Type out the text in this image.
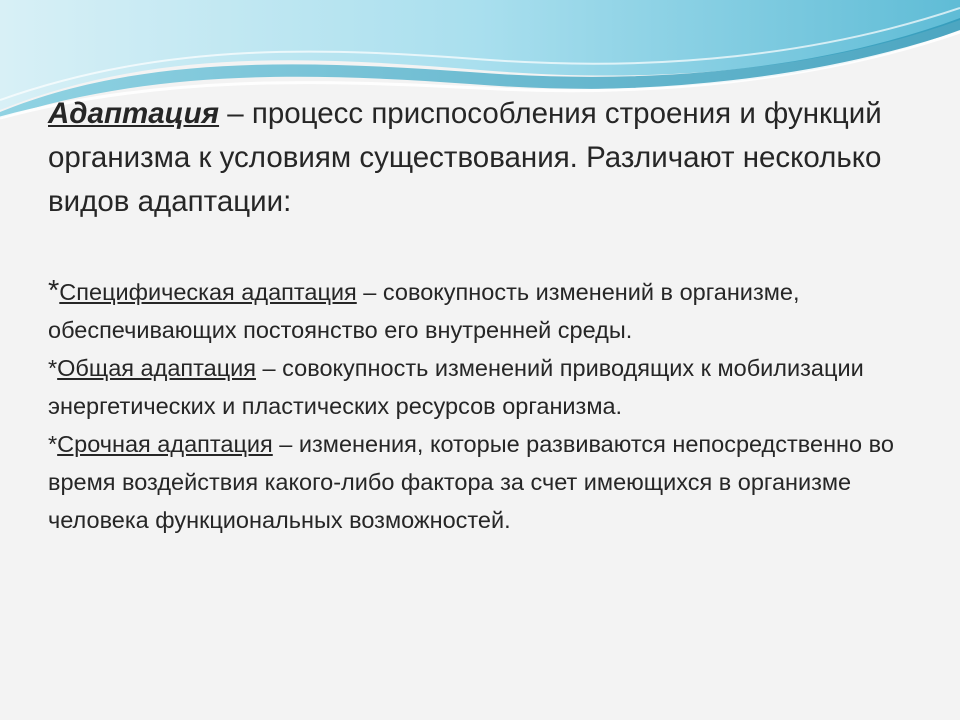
Адаптация – процесс приспособления строения и функций организма к условиям существования. Различают несколько видов адаптации:

*Специфическая адаптация – совокупность изменений в организме, обеспечивающих постоянство его внутренней среды.

*Общая адаптация – совокупность изменений приводящих к мобилизации энергетических и пластических ресурсов организма.

*Срочная адаптация – изменения, которые развиваются непосредственно во время воздействия какого-либо фактора за счет имеющихся в организме человека функциональных возможностей.
